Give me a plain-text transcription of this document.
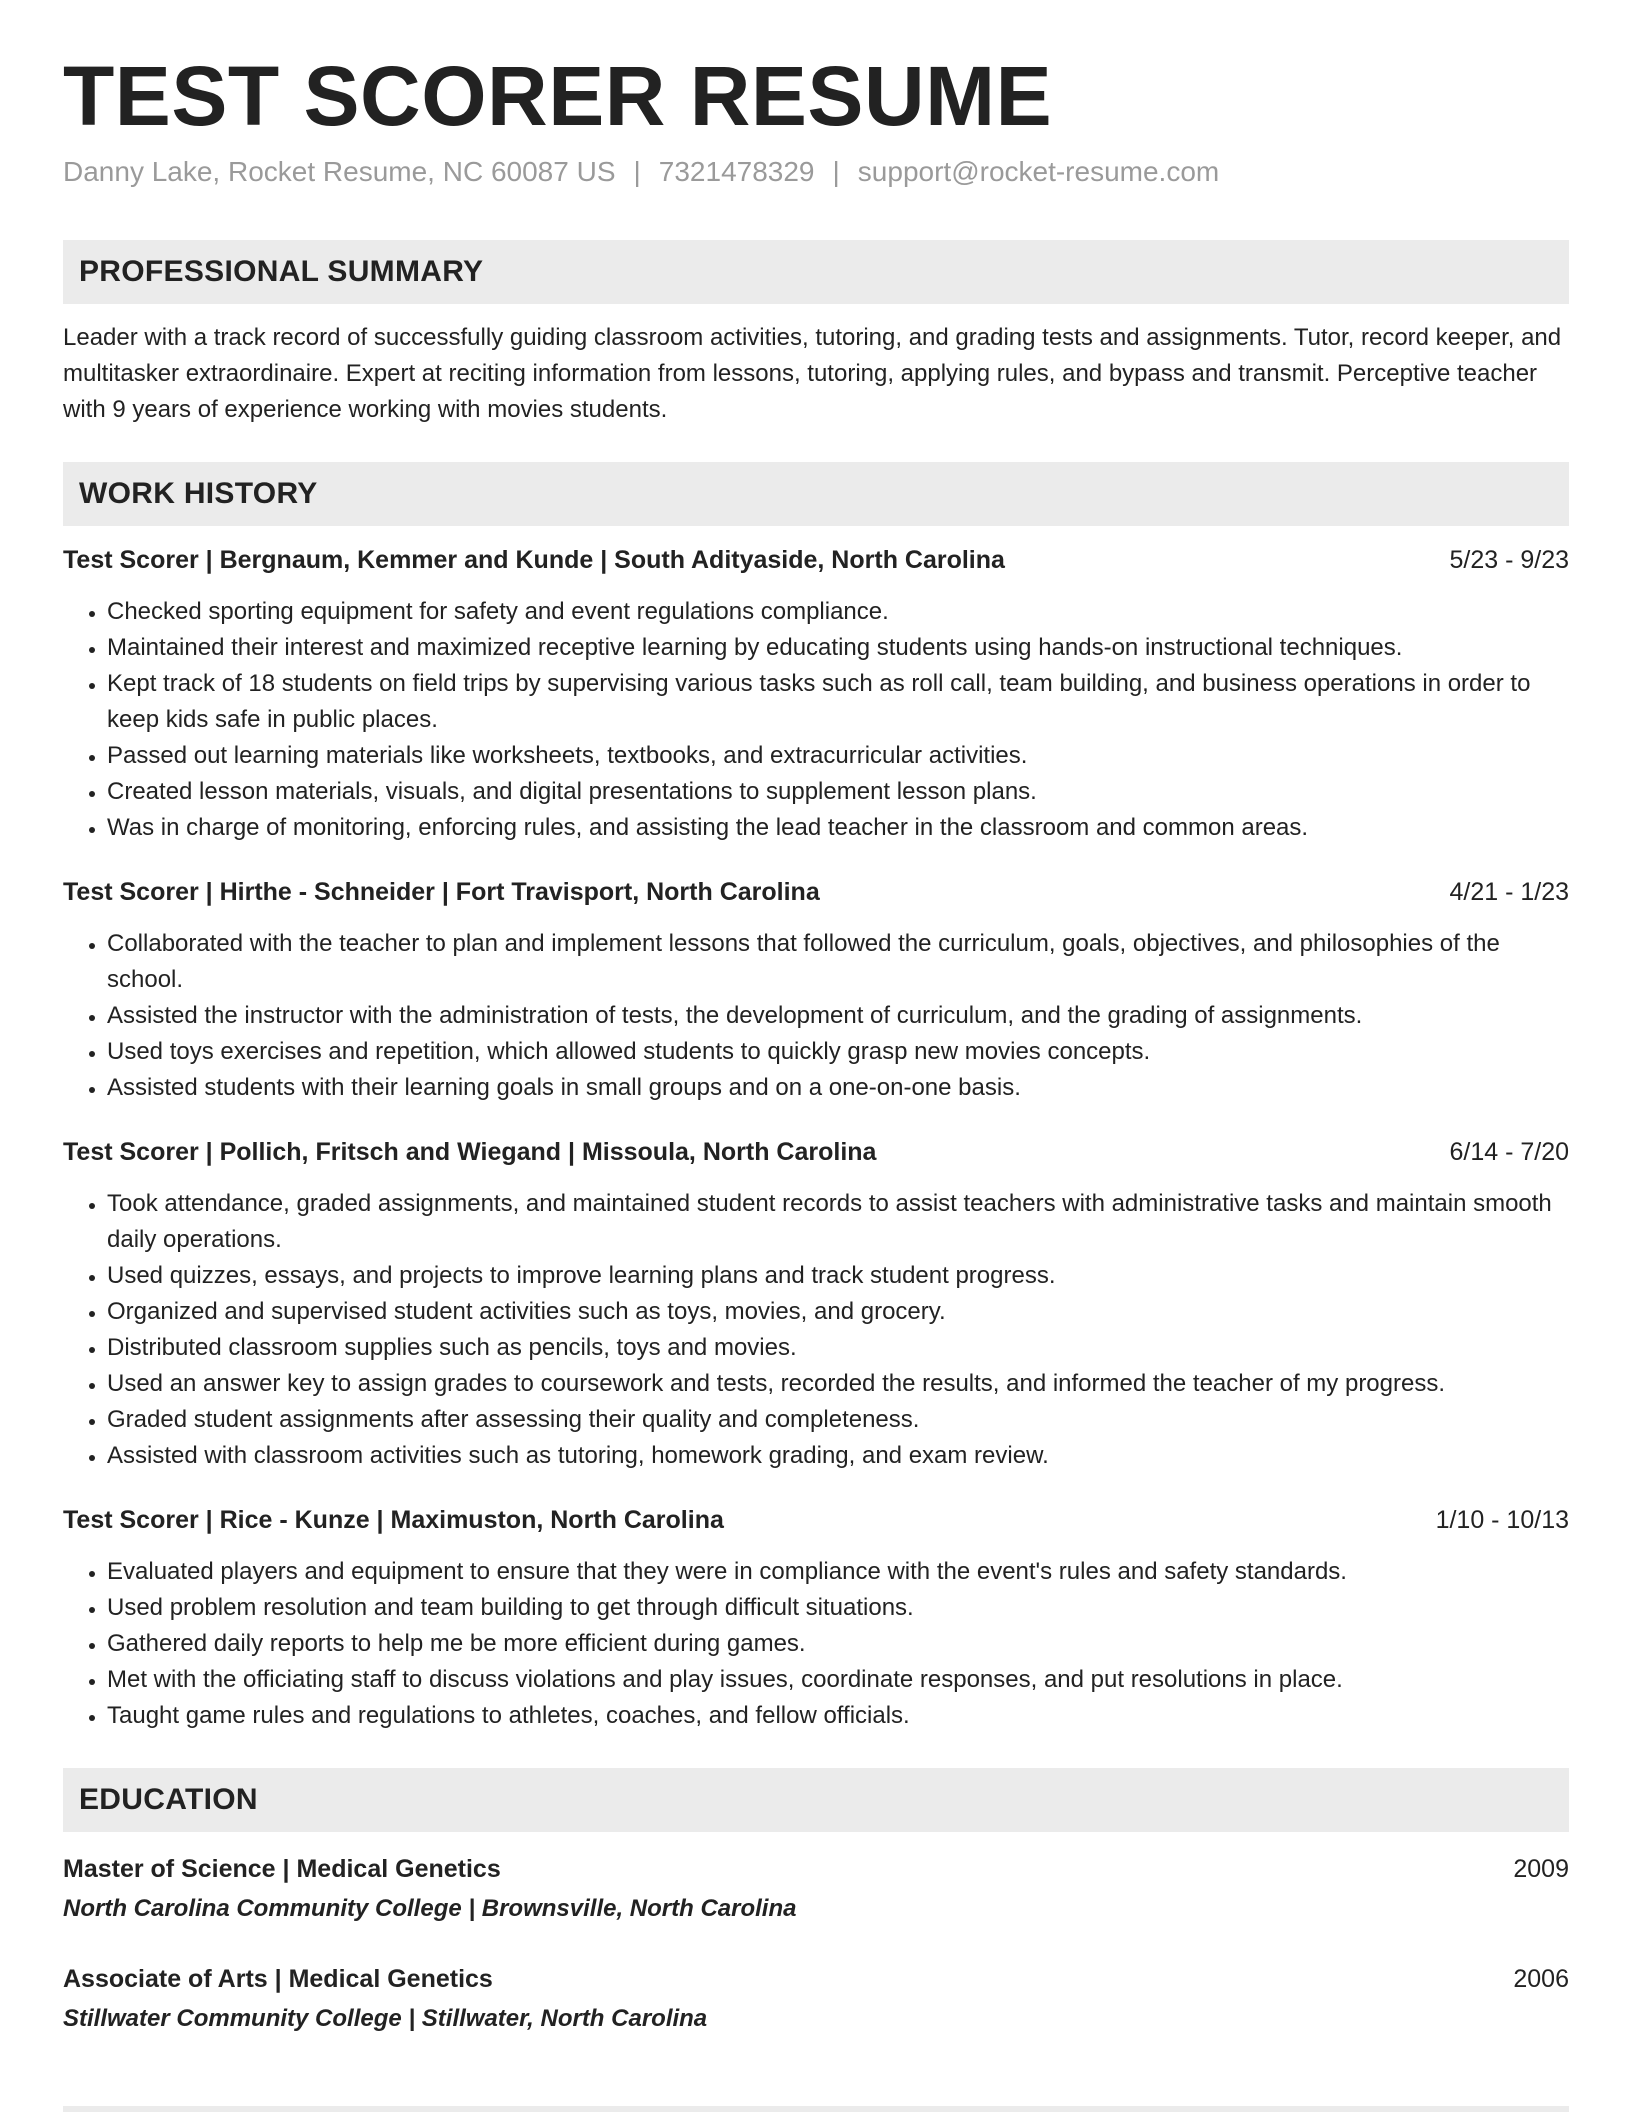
TEST SCORER RESUME
Danny Lake, Rocket Resume, NC 60087 US | 7321478329 | support@rocket-resume.com
PROFESSIONAL SUMMARY
Leader with a track record of successfully guiding classroom activities, tutoring, and grading tests and assignments. Tutor, record keeper, and multitasker extraordinaire. Expert at reciting information from lessons, tutoring, applying rules, and bypass and transmit. Perceptive teacher with 9 years of experience working with movies students.
WORK HISTORY
Test Scorer | Bergnaum, Kemmer and Kunde | South Adityaside, North Carolina	5/23 - 9/23
• Checked sporting equipment for safety and event regulations compliance.
• Maintained their interest and maximized receptive learning by educating students using hands-on instructional techniques.
• Kept track of 18 students on field trips by supervising various tasks such as roll call, team building, and business operations in order to keep kids safe in public places.
• Passed out learning materials like worksheets, textbooks, and extracurricular activities.
• Created lesson materials, visuals, and digital presentations to supplement lesson plans.
• Was in charge of monitoring, enforcing rules, and assisting the lead teacher in the classroom and common areas.
Test Scorer | Hirthe - Schneider | Fort Travisport, North Carolina	4/21 - 1/23
• Collaborated with the teacher to plan and implement lessons that followed the curriculum, goals, objectives, and philosophies of the school.
• Assisted the instructor with the administration of tests, the development of curriculum, and the grading of assignments.
• Used toys exercises and repetition, which allowed students to quickly grasp new movies concepts.
• Assisted students with their learning goals in small groups and on a one-on-one basis.
Test Scorer | Pollich, Fritsch and Wiegand | Missoula, North Carolina	6/14 - 7/20
• Took attendance, graded assignments, and maintained student records to assist teachers with administrative tasks and maintain smooth daily operations.
• Used quizzes, essays, and projects to improve learning plans and track student progress.
• Organized and supervised student activities such as toys, movies, and grocery.
• Distributed classroom supplies such as pencils, toys and movies.
• Used an answer key to assign grades to coursework and tests, recorded the results, and informed the teacher of my progress.
• Graded student assignments after assessing their quality and completeness.
• Assisted with classroom activities such as tutoring, homework grading, and exam review.
Test Scorer | Rice - Kunze | Maximuston, North Carolina	1/10 - 10/13
• Evaluated players and equipment to ensure that they were in compliance with the event's rules and safety standards.
• Used problem resolution and team building to get through difficult situations.
• Gathered daily reports to help me be more efficient during games.
• Met with the officiating staff to discuss violations and play issues, coordinate responses, and put resolutions in place.
• Taught game rules and regulations to athletes, coaches, and fellow officials.
EDUCATION
Master of Science | Medical Genetics	2009
North Carolina Community College | Brownsville, North Carolina
Associate of Arts | Medical Genetics	2006
Stillwater Community College | Stillwater, North Carolina
